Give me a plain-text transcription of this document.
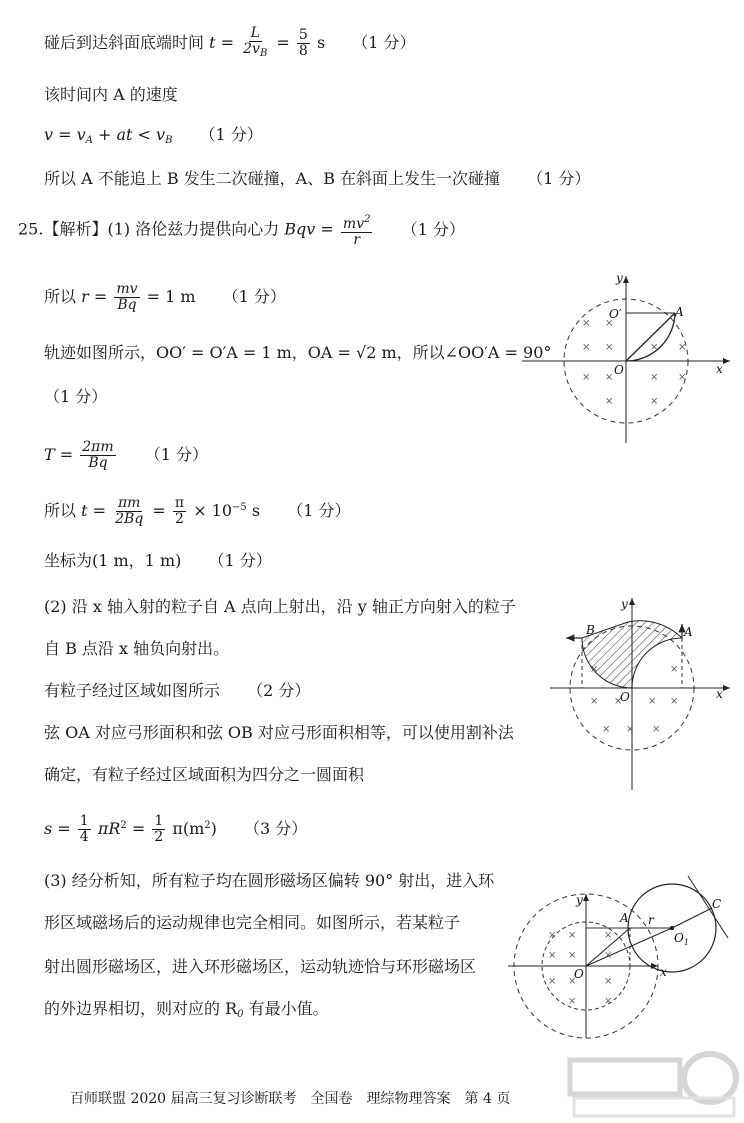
碰后到达斜面底端时间 $t = \frac{L}{2v_B} = \frac{5}{8}$ s （1 分）
该时间内 A 的速度
$v = v_A$ + at < $v_B$ （1 分）
所以 A 不能追上 B 发生二次碰撞，A、B 在斜面上发生一次碰撞 （1 分）
25.【解析】(1) 洛伦兹力提供向心力 Bqv = $\frac{mv^2}{r} (1$ 分）
所以 $r = \frac{mv}{Bq} = 1$ m （1 分）
轨迹如图所示，OO′ = O′A = 1 m，OA = √2 m，所以∠OO′A = 90°
（1 分）
$T = \frac{2\pi m}{Bq} (1$ 分）
所以 $t = \frac{\pi m}{2Bq} = \frac{\pi}{2} \times 10^{-5}$ s （1 分）
坐标为(1 m，1 m) （1 分）
(2) 沿 x 轴入射的粒子自 A 点向上射出，沿 y 轴正方向射入的粒子
自 B 点沿 x 轴负向射出。
有粒子经过区域如图所示 （2 分）
弦 OA 对应弓形面积和弦 OB 对应弓形面积相等，可以使用割补法
确定，有粒子经过区域面积为四分之一圆面积
$s = \frac{1}{4} \pi R^2 = \frac{1}{2} \pi(m^2)$ （3 分）
(3) 经分析知，所有粒子均在圆形磁场区偏转 90° 射出，进入环
形区域磁场后的运动规律也完全相同。如图所示，若某粒子
射出圆形磁场区，进入环形磁场区，运动轨迹恰与环形磁场区
的外边界相切，则对应的 $R_0$ 有最小值。
× ×
× ×	× ×
× ×	× ×
×	×
x
y
O
O′	A
× ×	× ×
×	×
× × ×
x
y
O
A
B
× ×	×
× ×	×
× ×	×
×	×
x
y
O
A r
$O_1$
C
百师联盟 2020 届高三复习诊断联考　全国卷　理综物理答案　第 4 页
